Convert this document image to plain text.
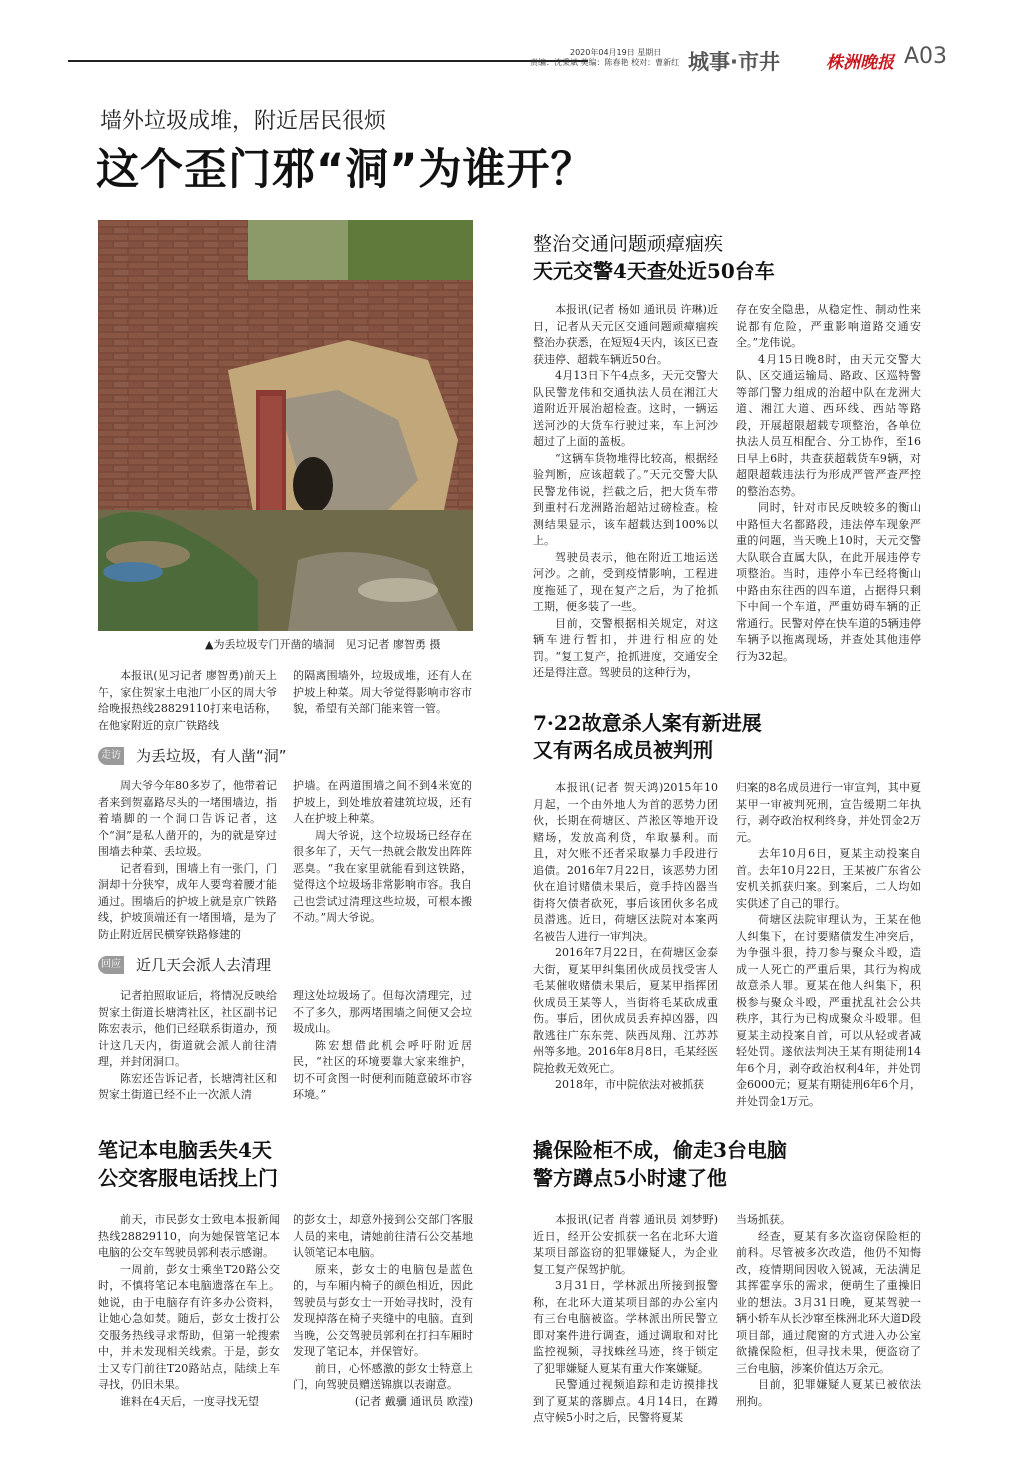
2020年04月19日 星期日
责编：沈秉斌 美编：陈春艳 校对：曹新红 城事·市井	株洲晚报 A03
墙外垃圾成堆，附近居民很烦
这个歪门邪“洞”为谁开？
▲为丢垃圾专门开凿的墙洞　见习记者 廖智勇 摄

本报讯(见习记者 廖智勇)前天上午，家住贺家土电池厂小区的周大爷给晚报热线28829110打来电话称，在他家附近的京广铁路线

的隔离围墙外，垃圾成堆，还有人在护坡上种菜。周大爷觉得影响市容市貌，希望有关部门能来管一管。

走访 为丢垃圾，有人凿“洞”

周大爷今年80多岁了，他带着记者来到贺嘉路尽头的一堵围墙边，指着墙脚的一个洞口告诉记者，这个“洞”是私人凿开的，为的就是穿过围墙去种菜、丢垃圾。

记者看到，围墙上有一张门，门洞却十分狭窄，成年人要弯着腰才能通过。围墙后的护坡上就是京广铁路线，护坡顶端还有一堵围墙，是为了防止附近居民横穿铁路修建的

护墙。在两道围墙之间不到4米宽的护坡上，到处堆放着建筑垃圾，还有人在护坡上种菜。

周大爷说，这个垃圾场已经存在很多年了，天气一热就会散发出阵阵恶臭。“我在家里就能看到这铁路，觉得这个垃圾场非常影响市容。我自己也尝试过清理这些垃圾，可根本搬不动。”周大爷说。

回应 近几天会派人去清理

记者拍照取证后，将情况反映给贺家土街道长塘湾社区，社区副书记陈宏表示，他们已经联系街道办，预计这几天内，街道就会派人前往清理，并封闭洞口。

陈宏还告诉记者，长塘湾社区和贺家土街道已经不止一次派人清

理这处垃圾场了。但每次清理完，过不了多久，那两堵围墙之间便又会垃圾成山。

陈宏想借此机会呼吁附近居民，“社区的环境要靠大家来维护，切不可贪图一时便利而随意破坏市容环境。”

整治交通问题顽瘴痼疾
天元交警4天查处近50台车

本报讯(记者 杨如 通讯员 许琳)近日，记者从天元区交通问题顽瘴痼疾整治办获悉，在短短4天内，该区已查获违停、超载车辆近50台。

4月13日下午4点多，天元交警大队民警龙伟和交通执法人员在湘江大道附近开展治超检查。这时，一辆运送河沙的大货车行驶过来，车上河沙超过了上面的盖板。

“这辆车货物堆得比较高，根据经验判断，应该超载了。”天元交警大队民警龙伟说，拦截之后，把大货车带到重村石龙洲路治超站过磅检查。检测结果显示，该车超载达到100%以上。

驾驶员表示，他在附近工地运送河沙。之前，受到疫情影响，工程进度拖延了，现在复产之后，为了抢抓工期，便多装了一些。

目前，交警根据相关规定，对这辆车进行暂扣，并进行相应的处罚。“复工复产，抢抓进度，交通安全还是得注意。驾驶员的这种行为，

存在安全隐患，从稳定性、制动性来说都有危险，严重影响道路交通安全。”龙伟说。

4月15日晚8时，由天元交警大队、区交通运输局、路政、区巡特警等部门警力组成的治超中队在龙洲大道、湘江大道、西环线、西站等路段，开展超限超载专项整治，各单位执法人员互相配合、分工协作，至16日早上6时，共查获超载货车9辆，对超限超载违法行为形成严管严查严控的整治态势。

同时，针对市民反映较多的衡山中路恒大名都路段，违法停车现象严重的问题，当天晚上10时，天元交警大队联合直属大队，在此开展违停专项整治。当时，违停小车已经将衡山中路由东往西的四车道，占据得只剩下中间一个车道，严重妨碍车辆的正常通行。民警对停在快车道的5辆违停车辆予以拖离现场，并查处其他违停行为32起。

7·22故意杀人案有新进展
又有两名成员被判刑

本报讯(记者 贺天鸿)2015年10月起，一个由外地人为首的恶势力团伙，长期在荷塘区、芦淞区等地开设赌场，发放高利贷，牟取暴利。而且，对欠账不还者采取暴力手段进行追债。2016年7月22日，该恶势力团伙在追讨赌债未果后，竟手持凶器当街将欠债者砍死，事后该团伙多名成员潜逃。近日，荷塘区法院对本案两名被告人进行一审判决。

2016年7月22日，在荷塘区金泰大街，夏某甲纠集团伙成员找受害人毛某催收赌债未果后，夏某甲指挥团伙成员王某等人，当街将毛某砍成重伤。事后，团伙成员丢弃掉凶器，四散逃往广东东莞、陕西凤翔、江苏苏州等多地。2016年8月8日，毛某经医院抢救无效死亡。

2018年，市中院依法对被抓获

归案的8名成员进行一审宣判，其中夏某甲一审被判死刑，宣告缓期二年执行，剥夺政治权利终身，并处罚金2万元。

去年10月6日，夏某主动投案自首。去年10月22日，王某被广东省公安机关抓获归案。到案后，二人均如实供述了自己的罪行。

荷塘区法院审理认为，王某在他人纠集下，在讨要赌债发生冲突后，为争强斗狠，持刀参与聚众斗殴，造成一人死亡的严重后果，其行为构成故意杀人罪。夏某在他人纠集下，积极参与聚众斗殴，严重扰乱社会公共秩序，其行为已构成聚众斗殴罪。但夏某主动投案自首，可以从轻或者减轻处罚。遂依法判决王某有期徒刑14年6个月，剥夺政治权利4年，并处罚金6000元；夏某有期徒刑6年6个月，并处罚金1万元。

笔记本电脑丢失4天
公交客服电话找上门

前天，市民彭女士致电本报新闻热线28829110，向为她保管笔记本电脑的公交车驾驶员郭利表示感谢。

一周前，彭女士乘坐T20路公交时，不慎将笔记本电脑遗落在车上。她说，由于电脑存有许多办公资料，让她心急如焚。随后，彭女士拨打公交服务热线寻求帮助，但第一轮搜索中，并未发现相关线索。于是，彭女士又专门前往T20路站点，陆续上车寻找，仍旧未果。

谁料在4天后，一度寻找无望

的彭女士，却意外接到公交部门客服人员的来电，请她前往清石公交基地认领笔记本电脑。

原来，彭女士的电脑包是蓝色的，与车厢内椅子的颜色相近，因此驾驶员与彭女士一开始寻找时，没有发现掉落在椅子夹缝中的电脑。直到当晚，公交驾驶员郭利在打扫车厢时发现了笔记本，并保管好。

前日，心怀感激的彭女士特意上门，向驾驶员赠送锦旗以表谢意。

(记者 戴骥 通讯员 欧滢)

撬保险柜不成，偷走3台电脑
警方蹲点5小时逮了他

本报讯(记者 肖蓉 通讯员 刘梦野)近日，经开公安抓获一名在北环大道某项目部盗窃的犯罪嫌疑人，为企业复工复产保驾护航。

3月31日，学林派出所接到报警称，在北环大道某项目部的办公室内有三台电脑被盗。学林派出所民警立即对案件进行调查，通过调取和对比监控视频，寻找蛛丝马迹，终于锁定了犯罪嫌疑人夏某有重大作案嫌疑。

民警通过视频追踪和走访摸排找到了夏某的落脚点。4月14日，在蹲点守候5小时之后，民警将夏某

当场抓获。

经查，夏某有多次盗窃保险柜的前科。尽管被多次改造，他仍不知悔改，疫情期间因收入锐减，无法满足其挥霍享乐的需求，便萌生了重操旧业的想法。3月31日晚，夏某驾驶一辆小轿车从长沙窜至株洲北环大道D段项目部，通过爬窗的方式进入办公室欲撬保险柜，但寻找未果，便盗窃了三台电脑，涉案价值达万余元。

目前，犯罪嫌疑人夏某已被依法刑拘。
